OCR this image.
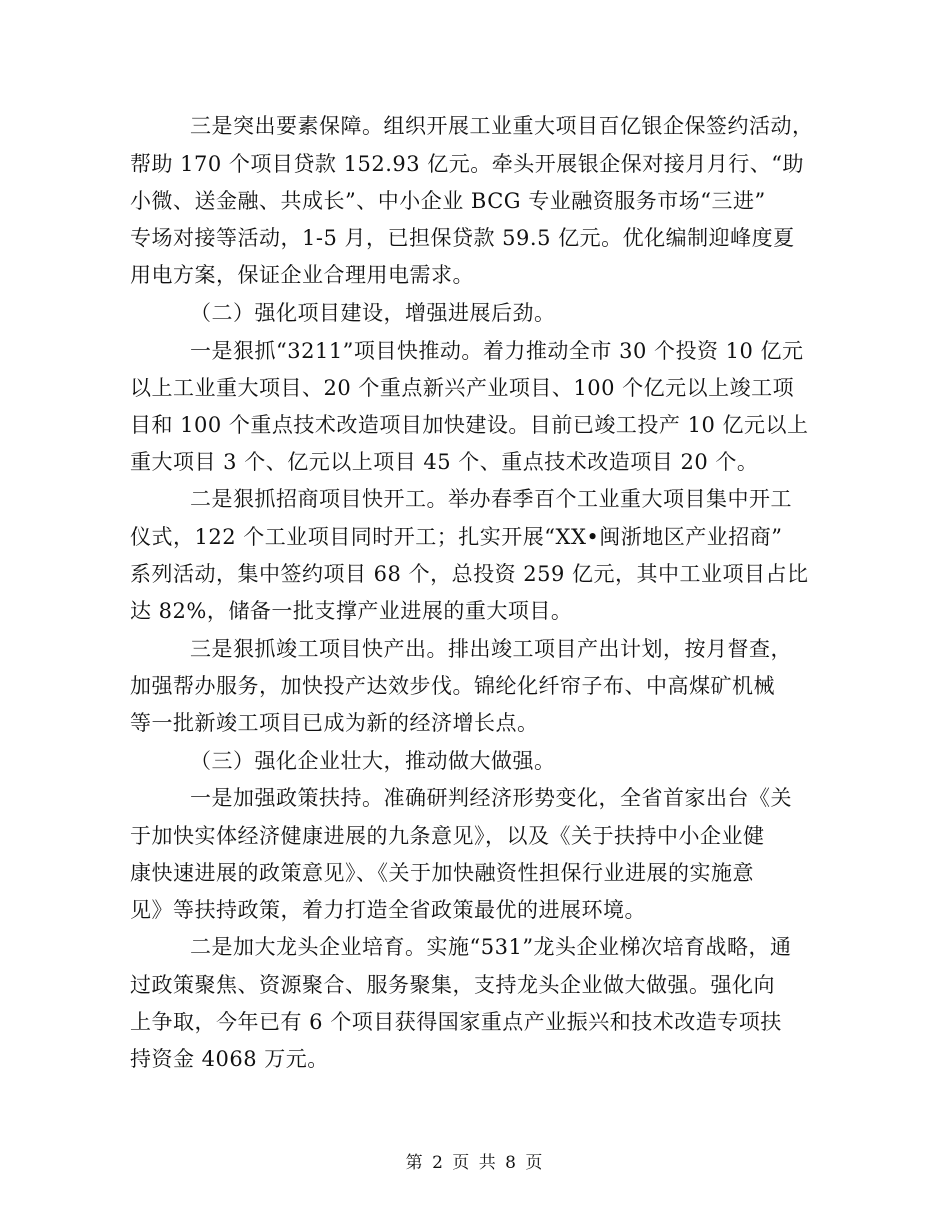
三是突出要素保障。组织开展工业重大项目百亿银企保签约活动，
帮助 170 个项目贷款 152.93 亿元。牵头开展银企保对接月月行、“助
小微、送金融、共成长”、中小企业 BCG 专业融资服务市场“三进”
专场对接等活动，1-5 月，已担保贷款 59.5 亿元。优化编制迎峰度夏
用电方案，保证企业合理用电需求。
（二）强化项目建设，增强进展后劲。
一是狠抓“3211”项目快推动。着力推动全市 30 个投资 10 亿元
以上工业重大项目、20 个重点新兴产业项目、100 个亿元以上竣工项
目和 100 个重点技术改造项目加快建设。目前已竣工投产 10 亿元以上
重大项目 3 个、亿元以上项目 45 个、重点技术改造项目 20 个。
二是狠抓招商项目快开工。举办春季百个工业重大项目集中开工
仪式，122 个工业项目同时开工；扎实开展“XX•闽浙地区产业招商”
系列活动，集中签约项目 68 个，总投资 259 亿元，其中工业项目占比
达 82%，储备一批支撑产业进展的重大项目。
三是狠抓竣工项目快产出。排出竣工项目产出计划，按月督查，
加强帮办服务，加快投产达效步伐。锦纶化纤帘子布、中高煤矿机械
等一批新竣工项目已成为新的经济增长点。
（三）强化企业壮大，推动做大做强。
一是加强政策扶持。准确研判经济形势变化，全省首家出台《关
于加快实体经济健康进展的九条意见》，以及《关于扶持中小企业健
康快速进展的政策意见》、《关于加快融资性担保行业进展的实施意
见》等扶持政策，着力打造全省政策最优的进展环境。
二是加大龙头企业培育。实施“531”龙头企业梯次培育战略，通
过政策聚焦、资源聚合、服务聚集，支持龙头企业做大做强。强化向
上争取，今年已有 6 个项目获得国家重点产业振兴和技术改造专项扶
持资金 4068 万元。
第 2 页 共 8 页
